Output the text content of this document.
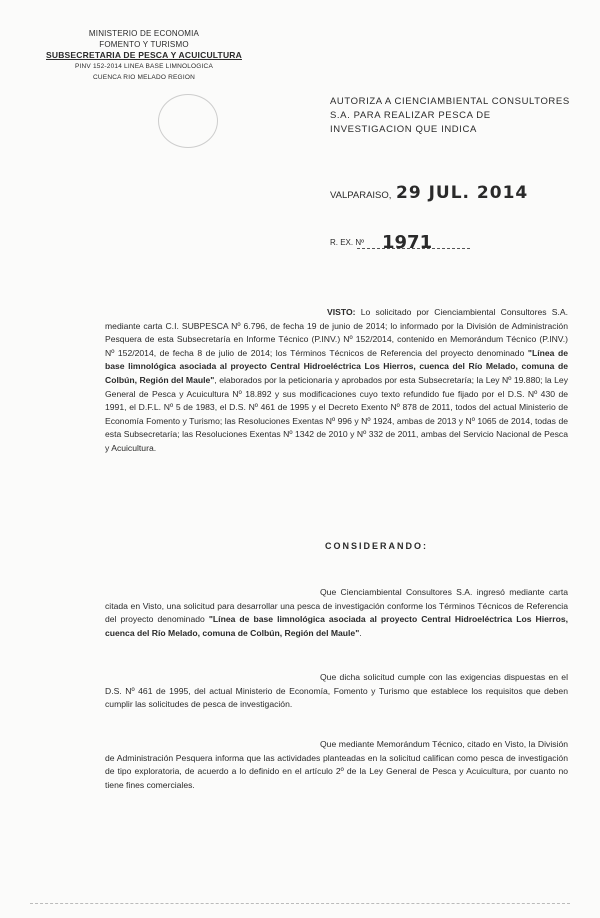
MINISTERIO DE ECONOMIA
FOMENTO Y TURISMO
SUBSECRETARIA DE PESCA Y ACUICULTURA
PINV 152-2014 LINEA BASE LIMNOLOGICA
CUENCA RIO MELADO REGION
AUTORIZA A CIENCIAMBIENTAL CONSULTORES S.A. PARA REALIZAR PESCA DE INVESTIGACION QUE INDICA
VALPARAISO, 29 JUL. 2014
R. EX. Nº 1971
VISTO: Lo solicitado por Cienciambiental Consultores S.A. mediante carta C.I. SUBPESCA Nº 6.796, de fecha 19 de junio de 2014; lo informado por la División de Administración Pesquera de esta Subsecretaría en Informe Técnico (P.INV.) Nº 152/2014, contenido en Memorándum Técnico (P.INV.) Nº 152/2014, de fecha 8 de julio de 2014; los Términos Técnicos de Referencia del proyecto denominado "Línea de base limnológica asociada al proyecto Central Hidroeléctrica Los Hierros, cuenca del Río Melado, comuna de Colbún, Región del Maule", elaborados por la peticionaria y aprobados por esta Subsecretaría; la Ley Nº 19.880; la Ley General de Pesca y Acuicultura Nº 18.892 y sus modificaciones cuyo texto refundido fue fijado por el D.S. Nº 430 de 1991, el D.F.L. Nº 5 de 1983, el D.S. Nº 461 de 1995 y el Decreto Exento Nº 878 de 2011, todos del actual Ministerio de Economía Fomento y Turismo; las Resoluciones Exentas Nº 996 y Nº 1924, ambas de 2013 y Nº 1065 de 2014, todas de esta Subsecretaría; las Resoluciones Exentas Nº 1342 de 2010 y Nº 332 de 2011, ambas del Servicio Nacional de Pesca y Acuicultura.
CONSIDERANDO:
Que Cienciambiental Consultores S.A. ingresó mediante carta citada en Visto, una solicitud para desarrollar una pesca de investigación conforme los Términos Técnicos de Referencia del proyecto denominado "Línea de base limnológica asociada al proyecto Central Hidroeléctrica Los Hierros, cuenca del Río Melado, comuna de Colbún, Región del Maule".
Que dicha solicitud cumple con las exigencias dispuestas en el D.S. Nº 461 de 1995, del actual Ministerio de Economía, Fomento y Turismo que establece los requisitos que deben cumplir las solicitudes de pesca de investigación.
Que mediante Memorándum Técnico, citado en Visto, la División de Administración Pesquera informa que las actividades planteadas en la solicitud califican como pesca de investigación de tipo exploratoria, de acuerdo a lo definido en el artículo 2º de la Ley General de Pesca y Acuicultura, por cuanto no tiene fines comerciales.
